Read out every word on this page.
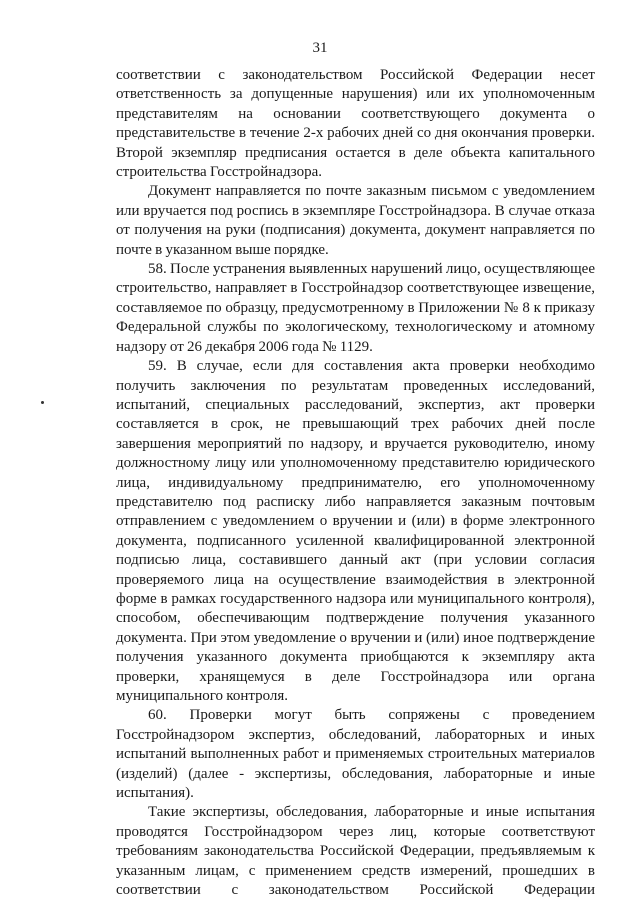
31

соответствии с законодательством Российской Федерации несет ответственность за допущенные нарушения) или их уполномоченным представителям на основании соответствующего документа о представительстве в течение 2-х рабочих дней со дня окончания проверки. Второй экземпляр предписания остается в деле объекта капитального строительства Госстройнадзора.

Документ направляется по почте заказным письмом с уведомлением или вручается под роспись в экземпляре Госстройнадзора. В случае отказа от получения на руки (подписания) документа, документ направляется по почте в указанном выше порядке.

58. После устранения выявленных нарушений лицо, осуществляющее строительство, направляет в Госстройнадзор соответствующее извещение, составляемое по образцу, предусмотренному в Приложении № 8 к приказу Федеральной службы по экологическому, технологическому и атомному надзору от 26 декабря 2006 года № 1129.

59. В случае, если для составления акта проверки необходимо получить заключения по результатам проведенных исследований, испытаний, специальных расследований, экспертиз, акт проверки составляется в срок, не превышающий трех рабочих дней после завершения мероприятий по надзору, и вручается руководителю, иному должностному лицу или уполномоченному представителю юридического лица, индивидуальному предпринимателю, его уполномоченному представителю под расписку либо направляется заказным почтовым отправлением с уведомлением о вручении и (или) в форме электронного документа, подписанного усиленной квалифицированной электронной подписью лица, составившего данный акт (при условии согласия проверяемого лица на осуществление взаимодействия в электронной форме в рамках государственного надзора или муниципального контроля), способом, обеспечивающим подтверждение получения указанного документа. При этом уведомление о вручении и (или) иное подтверждение получения указанного документа приобщаются к экземпляру акта проверки, хранящемуся в деле Госстройнадзора или органа муниципального контроля.

60. Проверки могут быть сопряжены с проведением Госстройнадзором экспертиз, обследований, лабораторных и иных испытаний выполненных работ и применяемых строительных материалов (изделий) (далее - экспертизы, обследования, лабораторные и иные испытания).

Такие экспертизы, обследования, лабораторные и иные испытания проводятся Госстройнадзором через лиц, которые соответствуют требованиям законодательства Российской Федерации, предъявляемым к указанным лицам, с применением средств измерений, прошедших в соответствии с законодательством Российской Федерации
